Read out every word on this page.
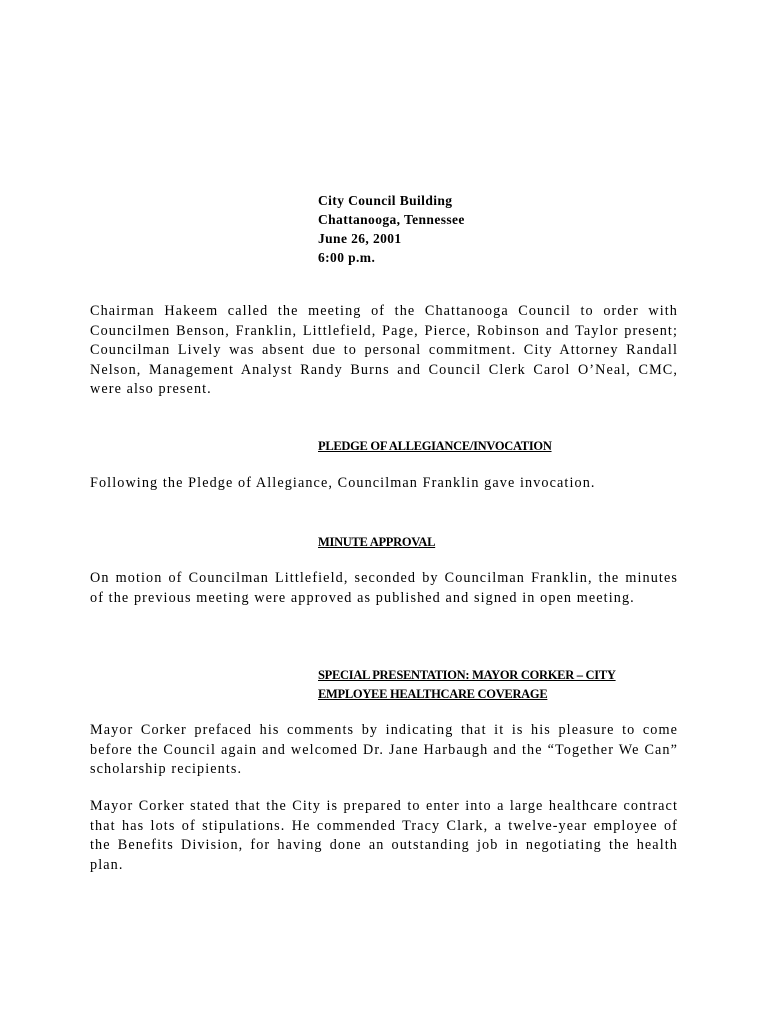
City Council Building
Chattanooga, Tennessee
June 26, 2001
6:00 p.m.

Chairman Hakeem called the meeting of the Chattanooga Council to order with Councilmen Benson, Franklin, Littlefield, Page, Pierce, Robinson and Taylor present; Councilman Lively was absent due to personal commitment. City Attorney Randall Nelson, Management Analyst Randy Burns and Council Clerk Carol O’Neal, CMC, were also present.

PLEDGE OF ALLEGIANCE/INVOCATION

Following the Pledge of Allegiance, Councilman Franklin gave invocation.

MINUTE APPROVAL

On motion of Councilman Littlefield, seconded by Councilman Franklin, the minutes of the previous meeting were approved as published and signed in open meeting.

SPECIAL PRESENTATION: MAYOR CORKER – CITY
EMPLOYEE HEALTHCARE COVERAGE

Mayor Corker prefaced his comments by indicating that it is his pleasure to come before the Council again and welcomed Dr. Jane Harbaugh and the “Together We Can” scholarship recipients.

Mayor Corker stated that the City is prepared to enter into a large healthcare contract that has lots of stipulations. He commended Tracy Clark, a twelve-year employee of the Benefits Division, for having done an outstanding job in negotiating the health plan.
